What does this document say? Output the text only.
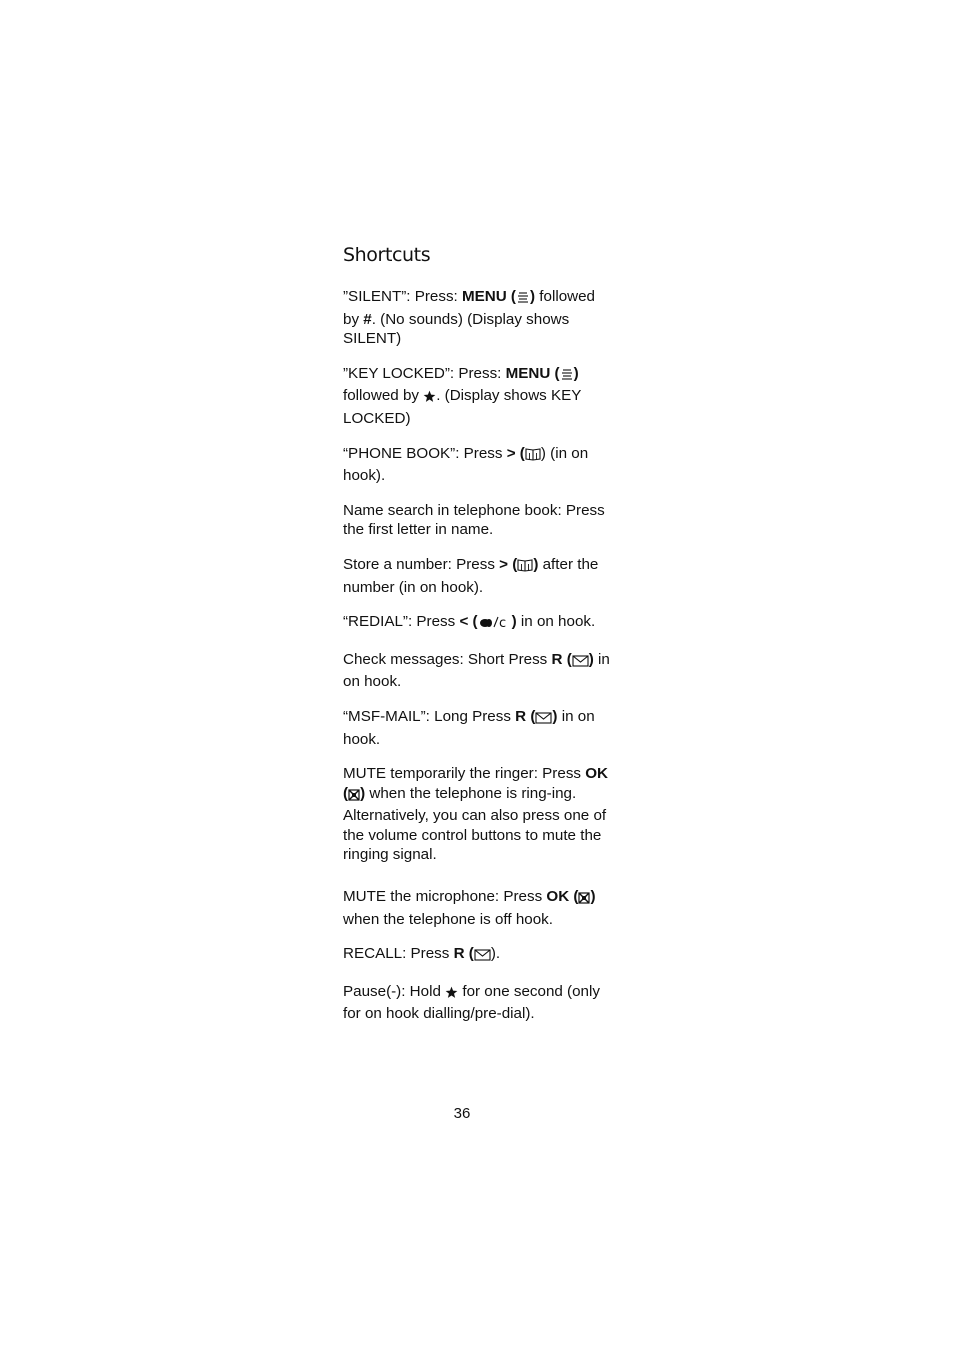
Shortcuts

”SILENT”: Press: MENU ( ) followed by #. (No sounds) (Display shows SILENT)

”KEY LOCKED”: Press: MENU ( ) followed by . (Display shows KEY LOCKED)

“PHONE BOOK”: Press > ( ) (in on hook).

Name search in telephone book: Press the first letter in name.

Store a number: Press > ( ) after the number (in on hook).

“REDIAL”: Press < ( c ) in on hook.

Check messages: Short Press R ( ) in on hook.

“MSF-MAIL”: Long Press R ( ) in on hook.

MUTE temporarily the ringer: Press OK ( ) when the telephone is ring-ing. Alternatively, you can also press one of the volume control buttons to mute the ringing signal.

MUTE the microphone: Press OK ( ) when the telephone is off hook.

RECALL: Press R ( ).

Pause(-): Hold  for one second (only for on hook dialling/pre-dial).

36
